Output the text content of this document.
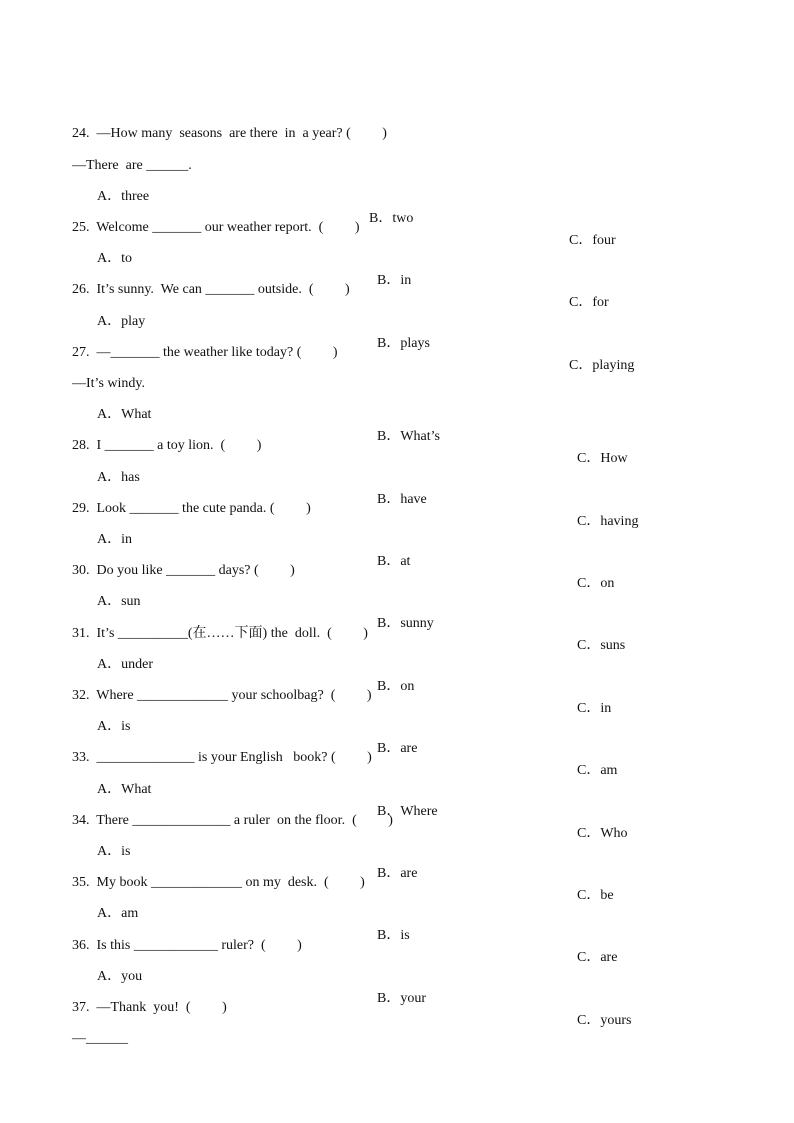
24.  —How many  seasons  are there  in  a year? (         )

—There  are ______.

A．three

B．two

C．four

25.  Welcome _______ our weather report.  (         )

A．to

B．in

C．for

26.  It’s sunny.  We can _______ outside.  (         )

A．play

B．plays

C．playing

27.  —_______ the weather like today? (         )

—It’s windy.

A．What

B．What’s

C．How

28.  I _______ a toy lion.  (         )

A．has

B．have

C．having

29.  Look _______ the cute panda. (         )

A．in

B．at

C．on

30.  Do you like _______ days? (         )

A．sun

B．sunny

C．suns

31.  It’s __________(在……下面) the  doll.  (         )

A．under

B．on

C．in

32.  Where _____________ your schoolbag?  (         )

A．is

B．are

C．am

33.  ______________ is your English   book? (         )

A．What

B．Where

C．Who

34.  There ______________ a ruler  on the floor.  (         )

A．is

B．are

C．be

35.  My book _____________ on my  desk.  (         )

A．am

B．is

C．are

36.  Is this ____________ ruler?  (         )

A．you

B．your

C．yours

37.  —Thank  you!  (         )

—______
